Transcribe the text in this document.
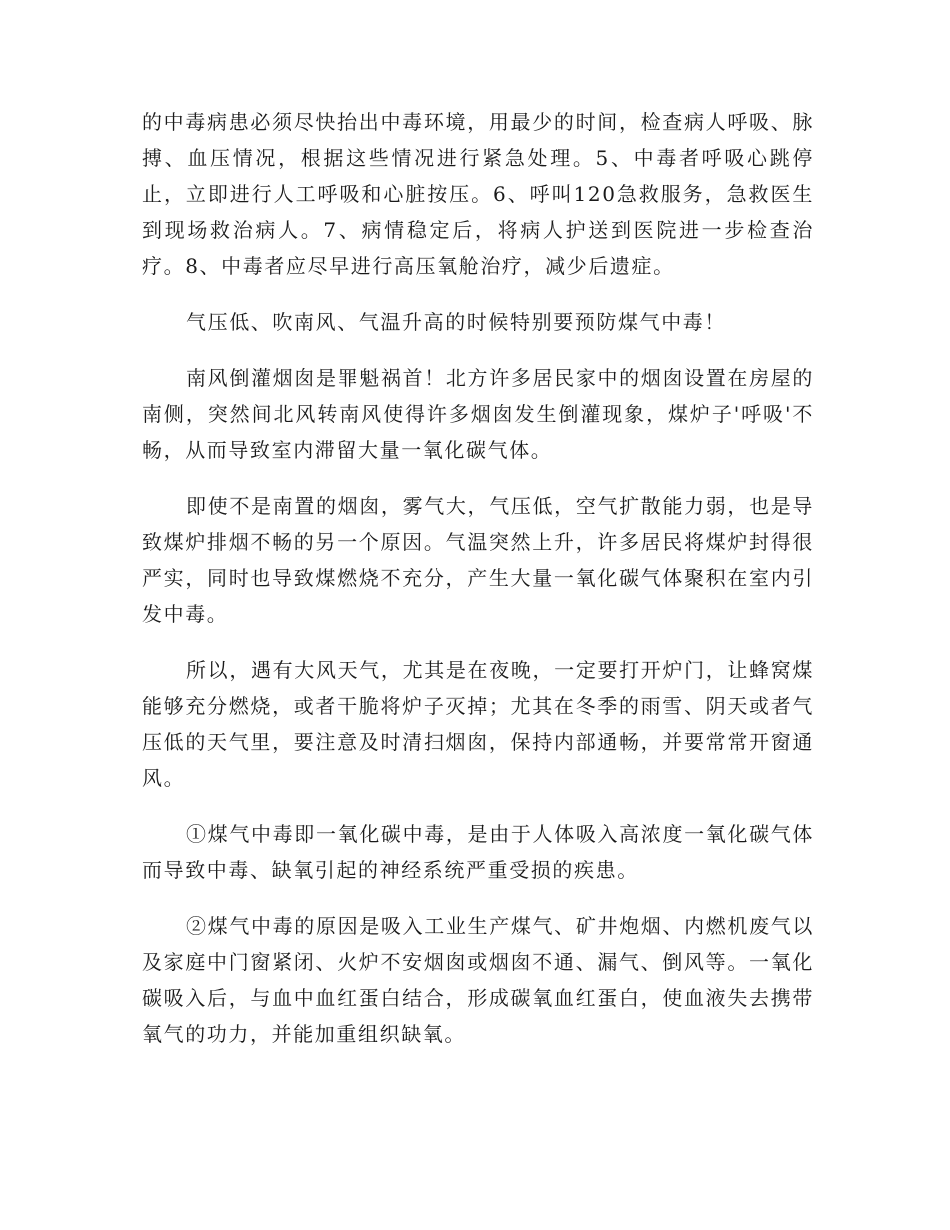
的中毒病患必须尽快抬出中毒环境，用最少的时间，检查病人呼吸、脉搏、血压情况，根据这些情况进行紧急处理。5、中毒者呼吸心跳停止，立即进行人工呼吸和心脏按压。6、呼叫120急救服务，急救医生到现场救治病人。7、病情稳定后，将病人护送到医院进一步检查治疗。8、中毒者应尽早进行高压氧舱治疗，减少后遗症。

气压低、吹南风、气温升高的时候特别要预防煤气中毒！

南风倒灌烟囱是罪魁祸首！北方许多居民家中的烟囱设置在房屋的南侧，突然间北风转南风使得许多烟囱发生倒灌现象，煤炉子'呼吸'不畅，从而导致室内滞留大量一氧化碳气体。

即使不是南置的烟囱，雾气大，气压低，空气扩散能力弱，也是导致煤炉排烟不畅的另一个原因。气温突然上升，许多居民将煤炉封得很严实，同时也导致煤燃烧不充分，产生大量一氧化碳气体聚积在室内引发中毒。

所以，遇有大风天气，尤其是在夜晚，一定要打开炉门，让蜂窝煤能够充分燃烧，或者干脆将炉子灭掉；尤其在冬季的雨雪、阴天或者气压低的天气里，要注意及时清扫烟囱，保持内部通畅，并要常常开窗通风。

①煤气中毒即一氧化碳中毒，是由于人体吸入高浓度一氧化碳气体而导致中毒、缺氧引起的神经系统严重受损的疾患。

②煤气中毒的原因是吸入工业生产煤气、矿井炮烟、内燃机废气以及家庭中门窗紧闭、火炉不安烟囱或烟囱不通、漏气、倒风等。一氧化碳吸入后，与血中血红蛋白结合，形成碳氧血红蛋白，使血液失去携带氧气的功力，并能加重组织缺氧。
